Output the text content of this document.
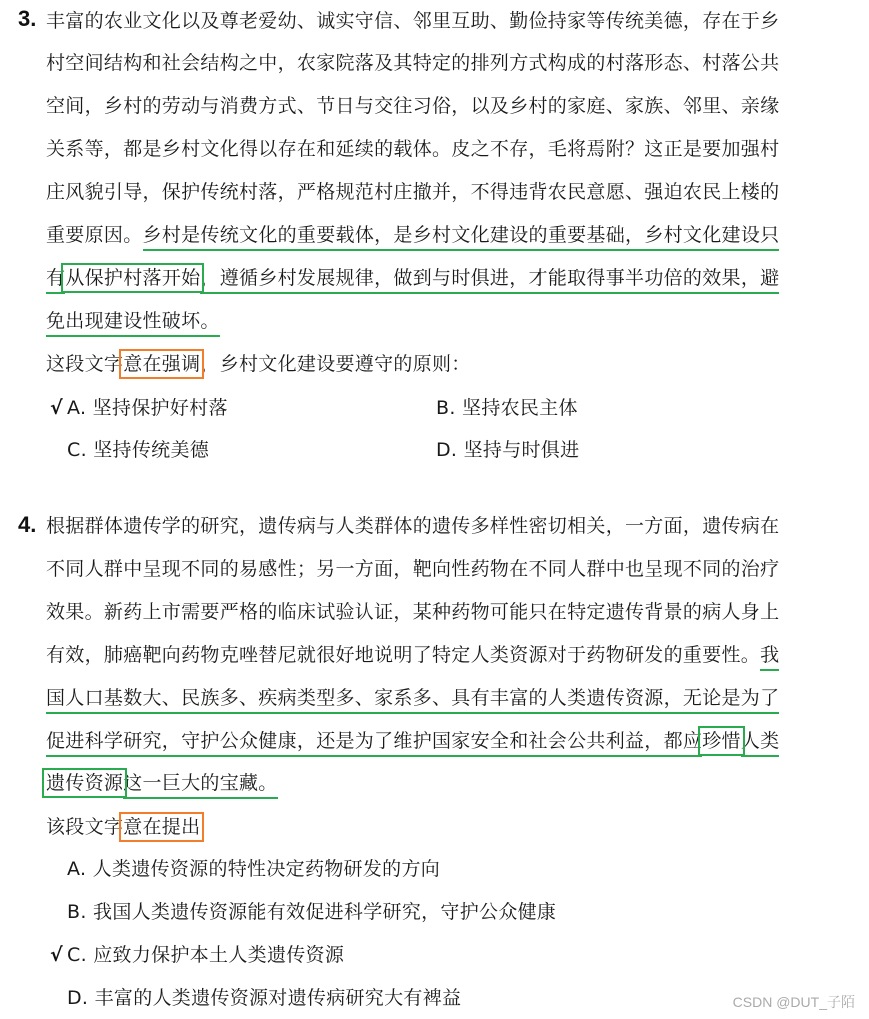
3. 丰富的农业文化以及尊老爱幼、诚实守信、邻里互助、勤俭持家等传统美德，存在于乡
村空间结构和社会结构之中，农家院落及其特定的排列方式构成的村落形态、村落公共
空间，乡村的劳动与消费方式、节日与交往习俗，以及乡村的家庭、家族、邻里、亲缘
关系等，都是乡村文化得以存在和延续的载体。皮之不存，毛将焉附？这正是要加强村
庄风貌引导，保护传统村落，严格规范村庄撤并，不得违背农民意愿、强迫农民上楼的
重要原因。乡村是传统文化的重要载体，是乡村文化建设的重要基础，乡村文化建设只
有从保护村落开始，遵循乡村发展规律，做到与时俱进，才能取得事半功倍的效果，避
免出现建设性破坏。
这段文字意在强调，乡村文化建设要遵守的原则：
√ A. 坚持保护好村落	B. 坚持农民主体
C. 坚持传统美德	D. 坚持与时俱进
4. 根据群体遗传学的研究，遗传病与人类群体的遗传多样性密切相关，一方面，遗传病在
不同人群中呈现不同的易感性；另一方面，靶向性药物在不同人群中也呈现不同的治疗
效果。新药上市需要严格的临床试验认证，某种药物可能只在特定遗传背景的病人身上
有效，肺癌靶向药物克唑替尼就很好地说明了特定人类资源对于药物研发的重要性。我
国人口基数大、民族多、疾病类型多、家系多、具有丰富的人类遗传资源，无论是为了
促进科学研究，守护公众健康，还是为了维护国家安全和社会公共利益，都应珍惜人类
遗传资源这一巨大的宝藏。
该段文字意在提出
A. 人类遗传资源的特性决定药物研发的方向
B. 我国人类遗传资源能有效促进科学研究，守护公众健康
√ C. 应致力保护本土人类遗传资源
D. 丰富的人类遗传资源对遗传病研究大有裨益	CSDN @DUT_子陌
